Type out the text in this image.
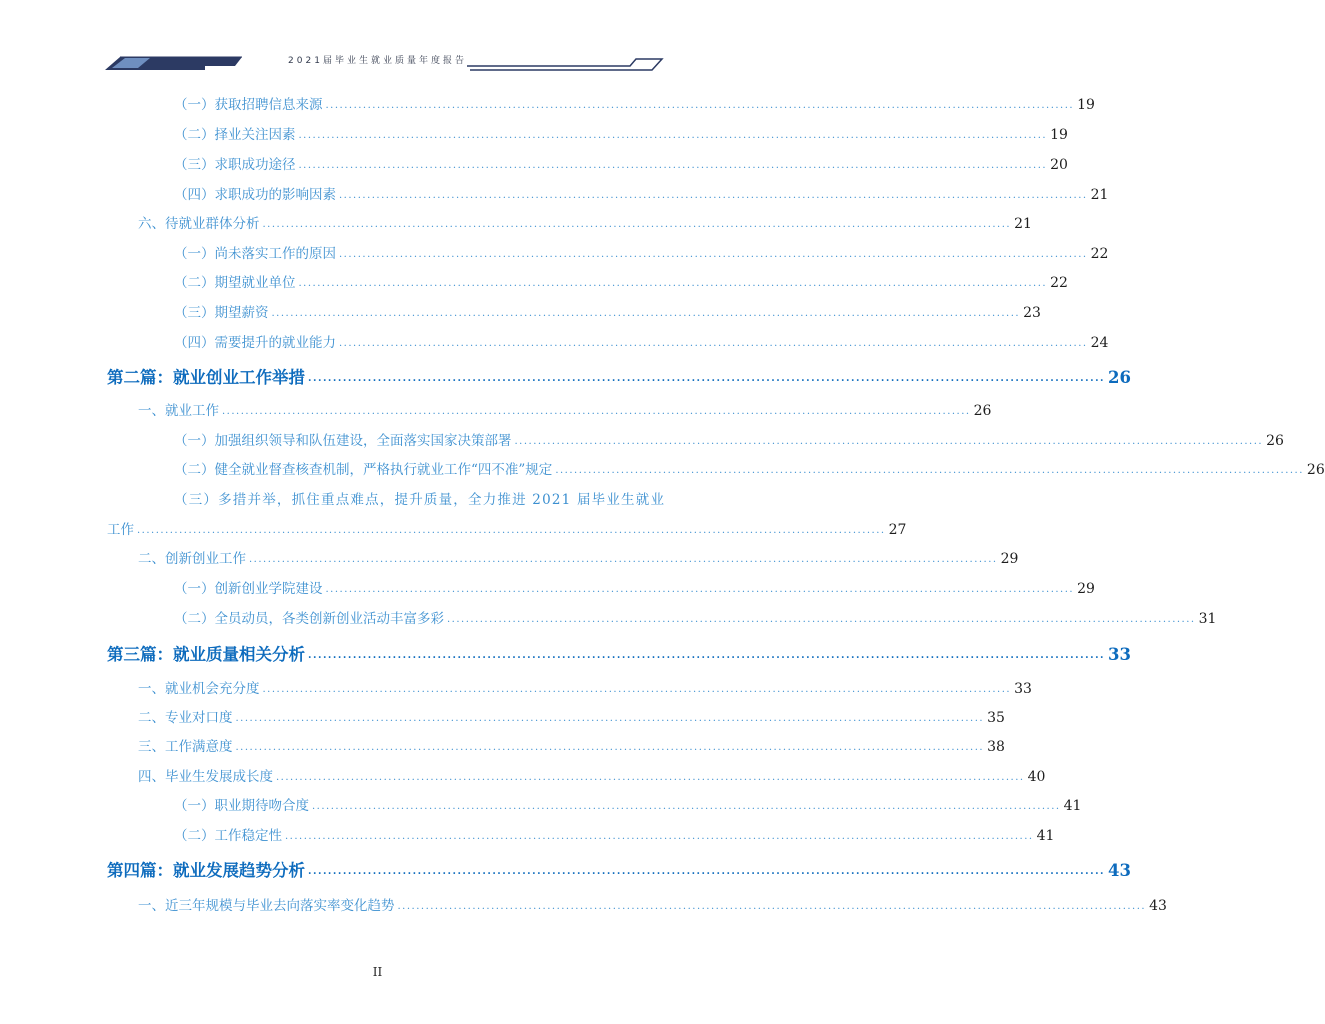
2021届毕业生就业质量年度报告
（一）获取招聘信息来源 ................................................................................................................................................................ 19
（二）择业关注因素 ................................................................................................................................................................ 19
（三）求职成功途径 ................................................................................................................................................................ 20
（四）求职成功的影响因素 ................................................................................................................................................................ 21
六、待就业群体分析 ................................................................................................................................................................ 21
（一）尚未落实工作的原因 ................................................................................................................................................................ 22
（二）期望就业单位 ................................................................................................................................................................ 22
（三）期望薪资 ................................................................................................................................................................ 23
（四）需要提升的就业能力 ................................................................................................................................................................ 24
第二篇：就业创业工作举措 ................................................................................................................................................................ 26
一、就业工作 ................................................................................................................................................................ 26
（一）加强组织领导和队伍建设，全面落实国家决策部署 ................................................................................................................................................................ 26
（二）健全就业督查核查机制，严格执行就业工作“四不准”规定 ................................................................................................................................................................ 26
（三）多措并举，抓住重点难点，提升质量，全力推进 2021 届毕业生就业
工作 ................................................................................................................................................................ 27
二、创新创业工作 ................................................................................................................................................................ 29
（一）创新创业学院建设 ................................................................................................................................................................ 29
（二）全员动员，各类创新创业活动丰富多彩 ................................................................................................................................................................ 31
第三篇：就业质量相关分析 ................................................................................................................................................................ 33
一、就业机会充分度 ................................................................................................................................................................ 33
二、专业对口度 ................................................................................................................................................................ 35
三、工作满意度 ................................................................................................................................................................ 38
四、毕业生发展成长度 ................................................................................................................................................................ 40
（一）职业期待吻合度 ................................................................................................................................................................ 41
（二）工作稳定性 ................................................................................................................................................................ 41
第四篇：就业发展趋势分析 ................................................................................................................................................................ 43
一、近三年规模与毕业去向落实率变化趋势 ................................................................................................................................................................ 43
II
